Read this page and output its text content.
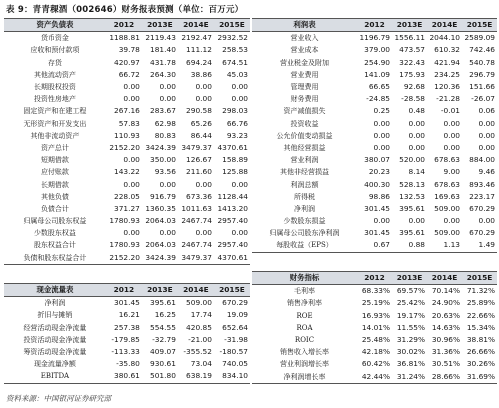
表 9：青青稞酒（002646）财务报表预测（单位：百万元）
资产负债表	2012	2013E	2014E	2015E
货币资金	1188.81	2119.43	2192.47	2932.52
应收和预付款项	39.78	181.40	111.12	258.53
存货	420.97	431.78	694.24	674.51
其他流动资产	66.72	264.30	38.86	45.03
长期股权投资	0.00	0.00	0.00	0.00
投资性房地产	0.00	0.00	0.00	0.00
固定资产和在建工程	267.16	283.67	290.58	298.03
无形资产和开发支出	57.83	62.98	65.26	66.76
其他非流动资产	110.93	80.83	86.44	93.23
资产总计	2152.20	3424.39	3479.37	4370.61
短期借款	0.00	350.00	126.67	158.89
应付账款	143.22	93.56	211.60	125.88
长期借款	0.00	0.00	0.00	0.00
其他负债	228.05	916.79	673.36	1128.44
负债合计	371.27	1360.35	1011.63	1413.20
归属母公司股东权益	1780.93	2064.03	2467.74	2957.40
少数股东权益	0.00	0.00	0.00	0.00
股东权益合计	1780.93	2064.03	2467.74	2957.40
负债和股东权益合计	2152.20	3424.39	3479.37	4370.61
利润表	2012	2013E	2014E	2015E
营业收入	1196.79	1556.11	2044.10	2589.09
营业成本	379.00	473.57	610.32	742.46
营业税金及附加	254.90	322.43	421.94	540.78
营业费用	141.09	175.93	234.25	296.79
管理费用	66.65	92.68	120.36	151.66
财务费用	-24.85	-28.58	-21.28	-26.07
资产减值损失	0.25	0.48	-0.01	0.06
投资收益	0.00	0.00	0.00	0.00
公允价值变动损益	0.00	0.00	0.00	0.00
其他经营损益	0.00	0.00	0.00	0.00
营业利润	380.07	520.00	678.63	884.00
其他非经营损益	20.23	8.14	9.00	9.46
利润总额	400.30	528.13	678.63	893.46
所得税	98.86	132.53	169.63	223.17
净利润	301.45	395.61	509.00	670.29
少数股东损益	0.00	0.00	0.00	0.00
归属母公司股东净利润	301.45	395.61	509.00	670.29
每股收益（EPS）	0.67	0.88	1.13	1.49
现金流量表	2012	2013E	2014E	2015E
净利润	301.45	395.61	509.00	670.29
折旧与摊销	16.21	16.25	17.74	19.09
经营活动现金净流量	257.38	554.55	420.85	652.64
投资活动现金净流量	-179.85	-32.79	-21.00	-31.98
筹资活动现金净流量	-113.33	409.07	-355.52	-180.57
现金流量净额	-35.80	930.61	73.04	740.05
EBITDA	380.61	501.80	638.19	834.10
财务指标	2012	2013E	2014E	2015E
毛利率	68.33%	69.57%	70.14%	71.32%
销售净利率	25.19%	25.42%	24.90%	25.89%
ROE	16.93%	19.17%	20.63%	22.66%
ROA	14.01%	11.55%	14.63%	15.34%
ROIC	25.48%	31.29%	30.96%	38.81%
销售收入增长率	42.18%	30.02%	31.36%	26.66%
营业利润增长率	60.42%	36.81%	30.51%	30.26%
净利润增长率	42.44%	31.24%	28.66%	31.69%
资料来源：中国银河证券研究部
